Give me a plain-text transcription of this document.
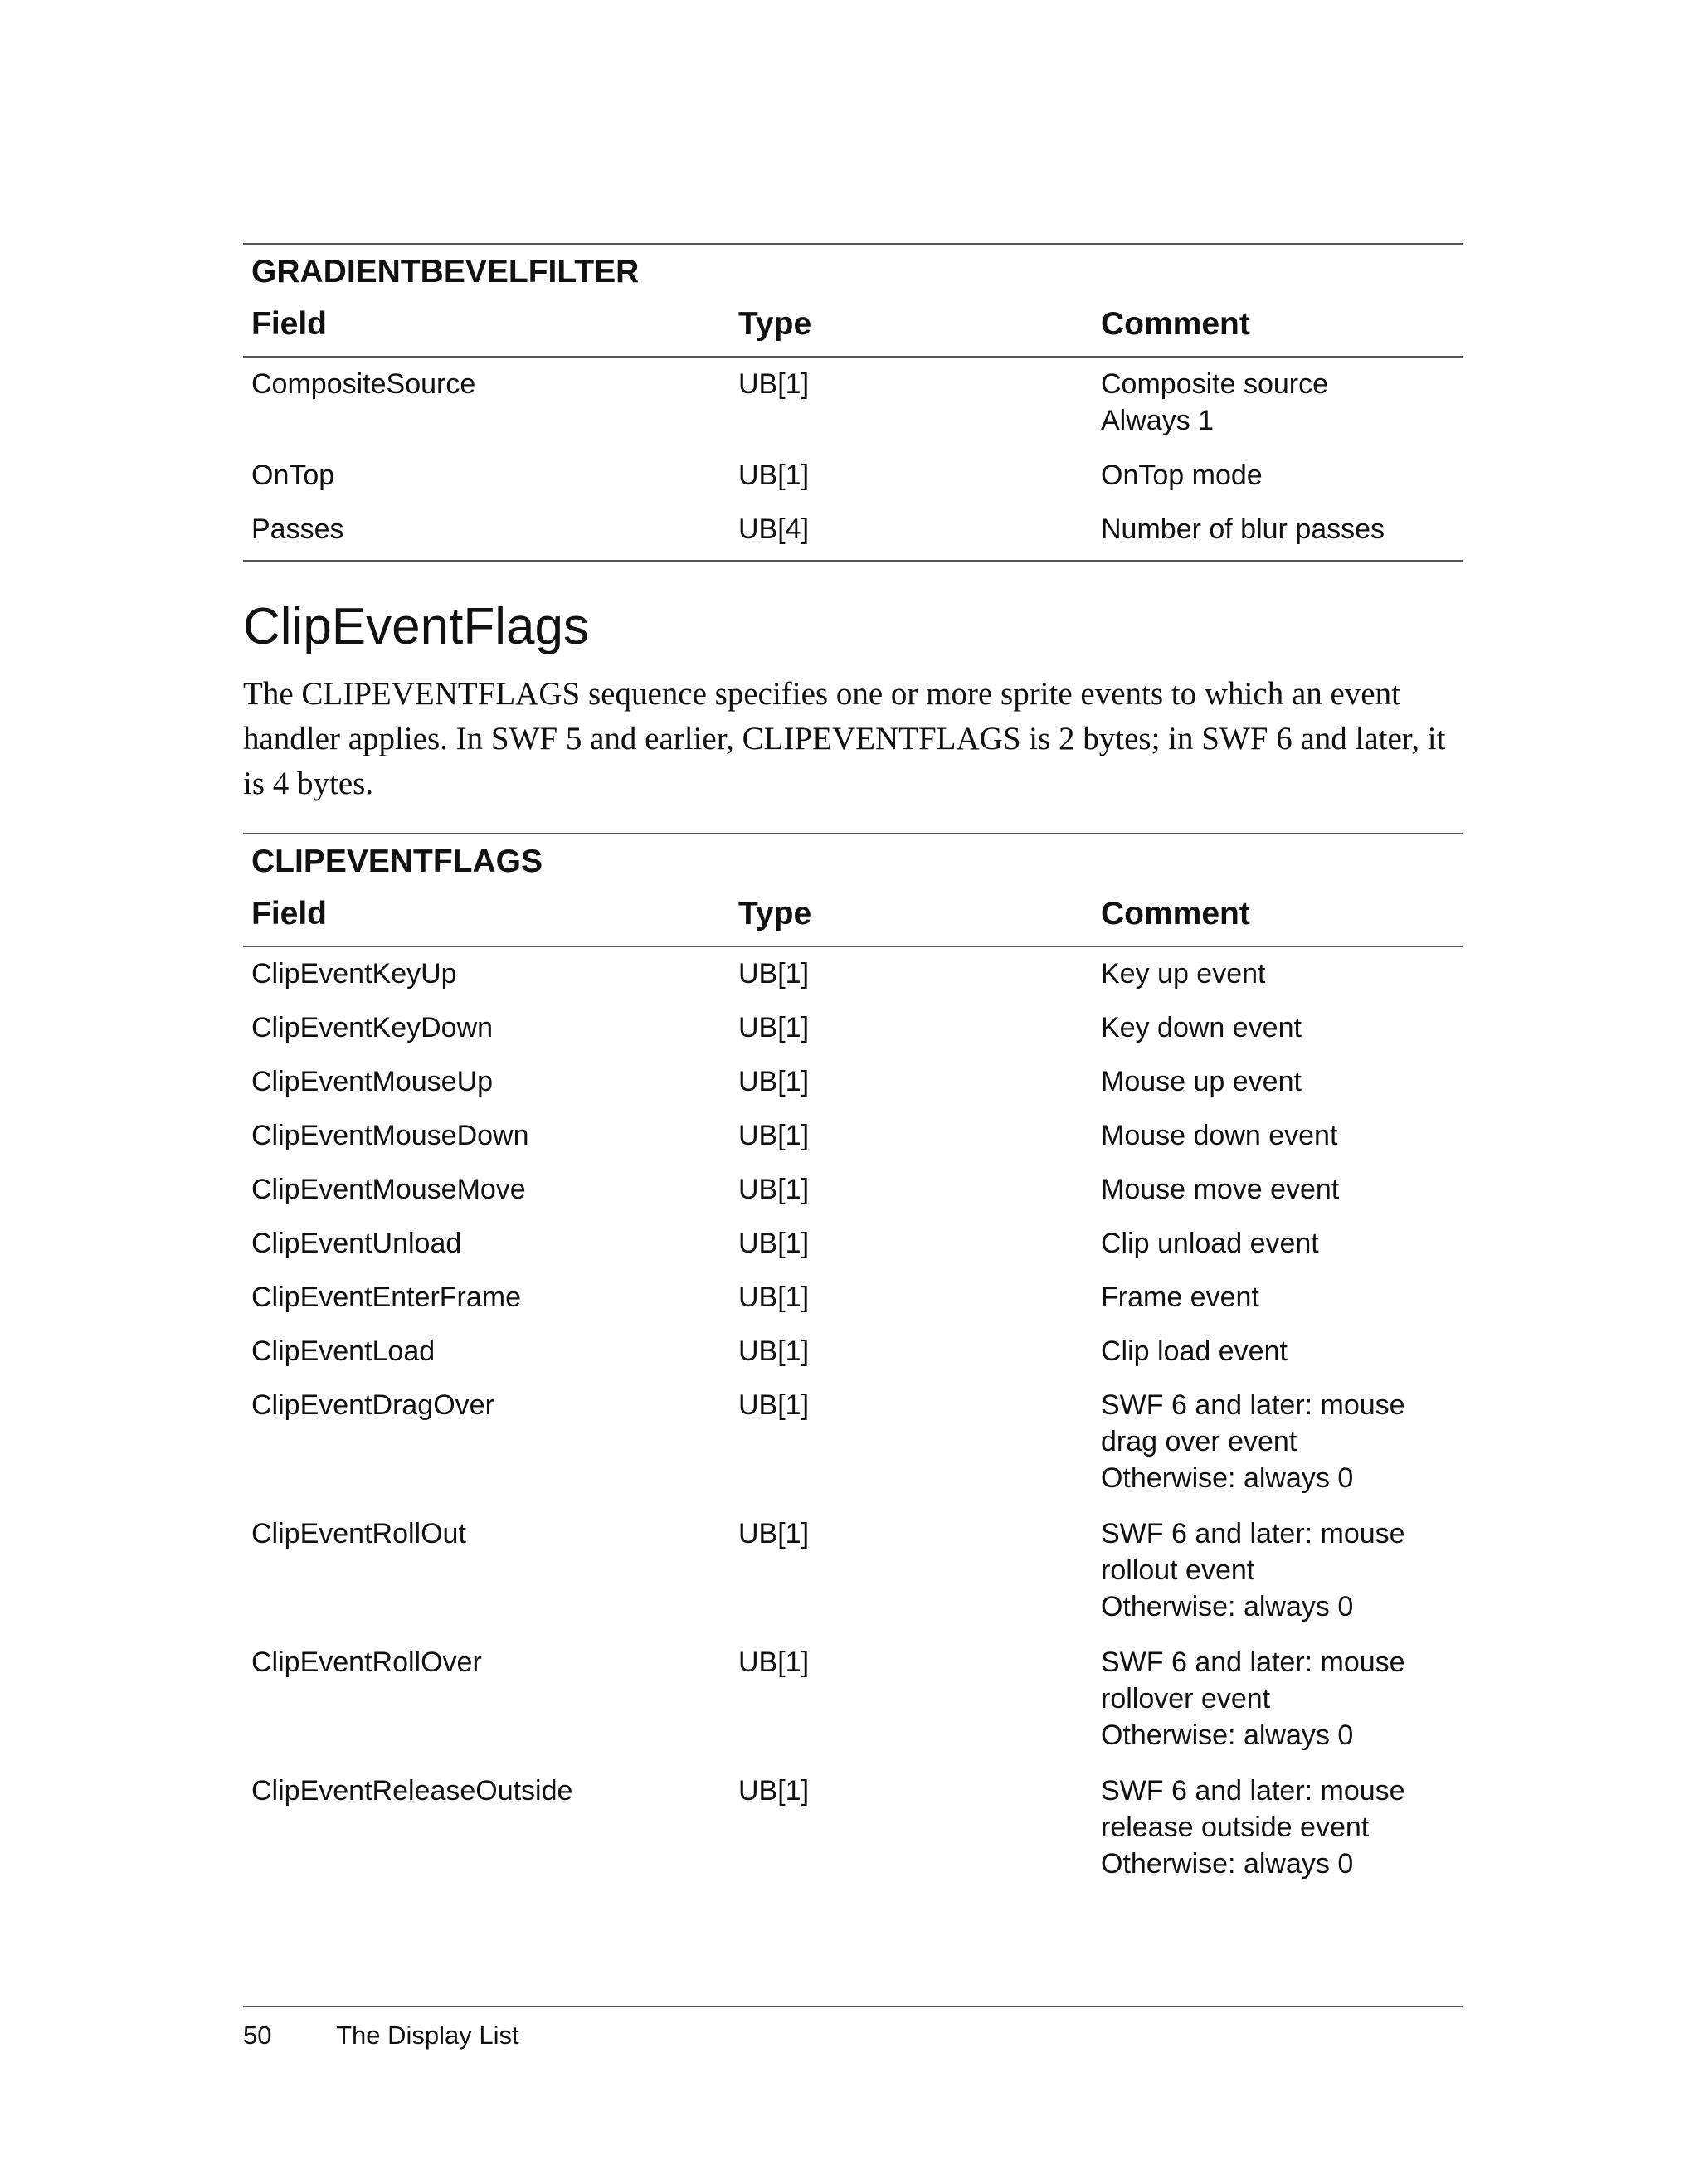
GRADIENTBEVELFILTER
Field	Type	Comment
CompositeSource	UB[1]	Composite source
Always 1
OnTop	UB[1]	OnTop mode
Passes	UB[4]	Number of blur passes
ClipEventFlags

The CLIPEVENTFLAGS sequence specifies one or more sprite events to which an event handler applies. In SWF 5 and earlier, CLIPEVENTFLAGS is 2 bytes; in SWF 6 and later, it is 4 bytes.

CLIPEVENTFLAGS
Field	Type	Comment
ClipEventKeyUp	UB[1]	Key up event
ClipEventKeyDown	UB[1]	Key down event
ClipEventMouseUp	UB[1]	Mouse up event
ClipEventMouseDown	UB[1]	Mouse down event
ClipEventMouseMove	UB[1]	Mouse move event
ClipEventUnload	UB[1]	Clip unload event
ClipEventEnterFrame	UB[1]	Frame event
ClipEventLoad	UB[1]	Clip load event
ClipEventDragOver	UB[1]	SWF 6 and later: mouse
drag over event
Otherwise: always 0
ClipEventRollOut	UB[1]	SWF 6 and later: mouse
rollout event
Otherwise: always 0
ClipEventRollOver	UB[1]	SWF 6 and later: mouse
rollover event
Otherwise: always 0
ClipEventReleaseOutside	UB[1]	SWF 6 and later: mouse
release outside event
Otherwise: always 0
50	The Display List
